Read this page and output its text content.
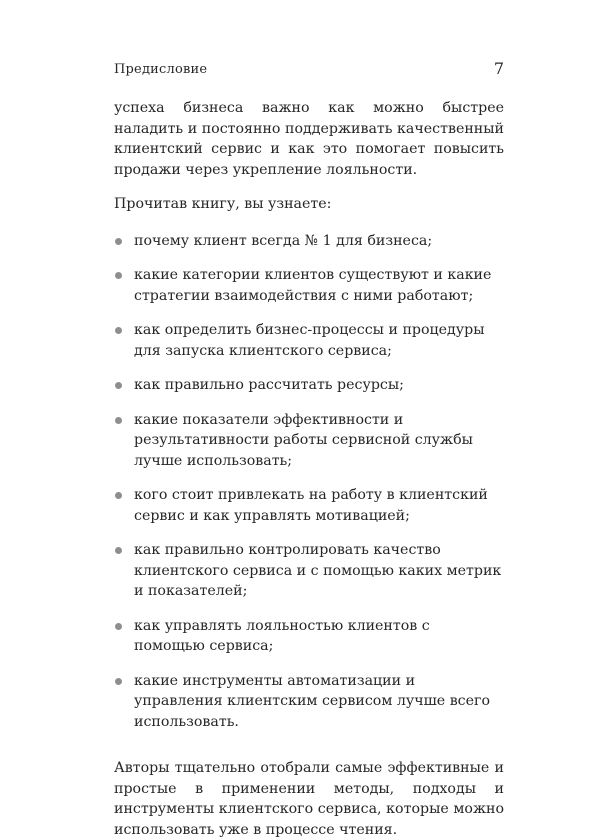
Предисловие	7

успеха бизнеса важно как можно быстрее наладить и постоянно поддерживать качественный клиентский сервис и как это помогает повысить продажи через укрепление лояльности.

Прочитав книгу, вы узнаете:

почему клиент всегда № 1 для бизнеса;
какие категории клиентов существуют и какие стратегии взаимодействия с ними работают;
как определить бизнес-процессы и процедуры для запуска клиентского сервиса;
как правильно рассчитать ресурсы;
какие показатели эффективности и результативности работы сервисной службы лучше использовать;
кого стоит привлекать на работу в клиентский сервис и как управлять мотивацией;
как правильно контролировать качество клиентского сервиса и с помощью каких метрик и показателей;
как управлять лояльностью клиентов с помощью сервиса;
какие инструменты автоматизации и управления клиентским сервисом лучше всего использовать.

Авторы тщательно отобрали самые эффективные и простые в применении методы, подходы и инструменты клиентского сервиса, которые можно использовать уже в процессе чтения.
